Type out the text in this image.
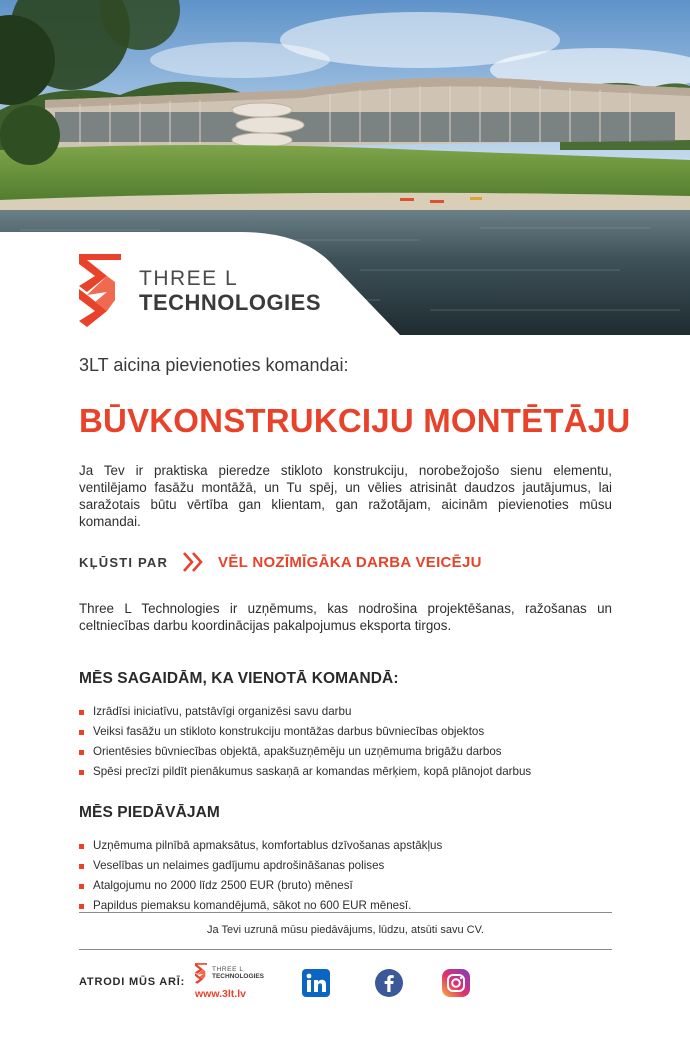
THREE L
TECHNOLOGIES
3LT aicina pievienoties komandai:
BŪVKONSTRUKCIJU MONTĒTĀJU

Ja Tev ir praktiska pieredze stikloto konstrukciju, norobežojošo sienu elementu, ventilējamo fasāžu montāžā, un Tu spēj, un vēlies atrisināt daudzos jautājumus, lai saražotais būtu vērtība gan klientam, gan ražotājam, aicinām pievienoties mūsu komandai.

KĻŪSTI PAR	VĒL NOZĪMĪGĀKA DARBA VEICĒJU

Three L Technologies ir uzņēmums, kas nodrošina projektēšanas, ražošanas un celtniecības darbu koordinācijas pakalpojumus eksporta tirgos.

MĒS SAGAIDĀM, KA VIENOTĀ KOMANDĀ:
Izrādīsi iniciatīvu, patstāvīgi organizēsi savu darbu
Veiksi fasāžu un stikloto konstrukciju montāžas darbus būvniecības objektos
Orientēsies būvniecības objektā, apakšuzņēmēju un uzņēmuma brigāžu darbos
Spēsi precīzi pildīt pienākumus saskaņā ar komandas mērķiem, kopā plānojot darbus
MĒS PIEDĀVĀJAM
Uzņēmuma pilnībā apmaksātus, komfortablus dzīvošanas apstākļus
Veselības un nelaimes gadījumu apdrošināšanas polises
Atalgojumu no 2000 līdz 2500 EUR (bruto) mēnesī
Papildus piemaksu komandējumā, sākot no 600 EUR mēnesī.
Ja Tevi uzrunā mūsu piedāvājums, lūdzu, atsūti savu CV.
ATRODI MŪS ARĪ:
THREE L
TECHNOLOGIES
www.3lt.lv
